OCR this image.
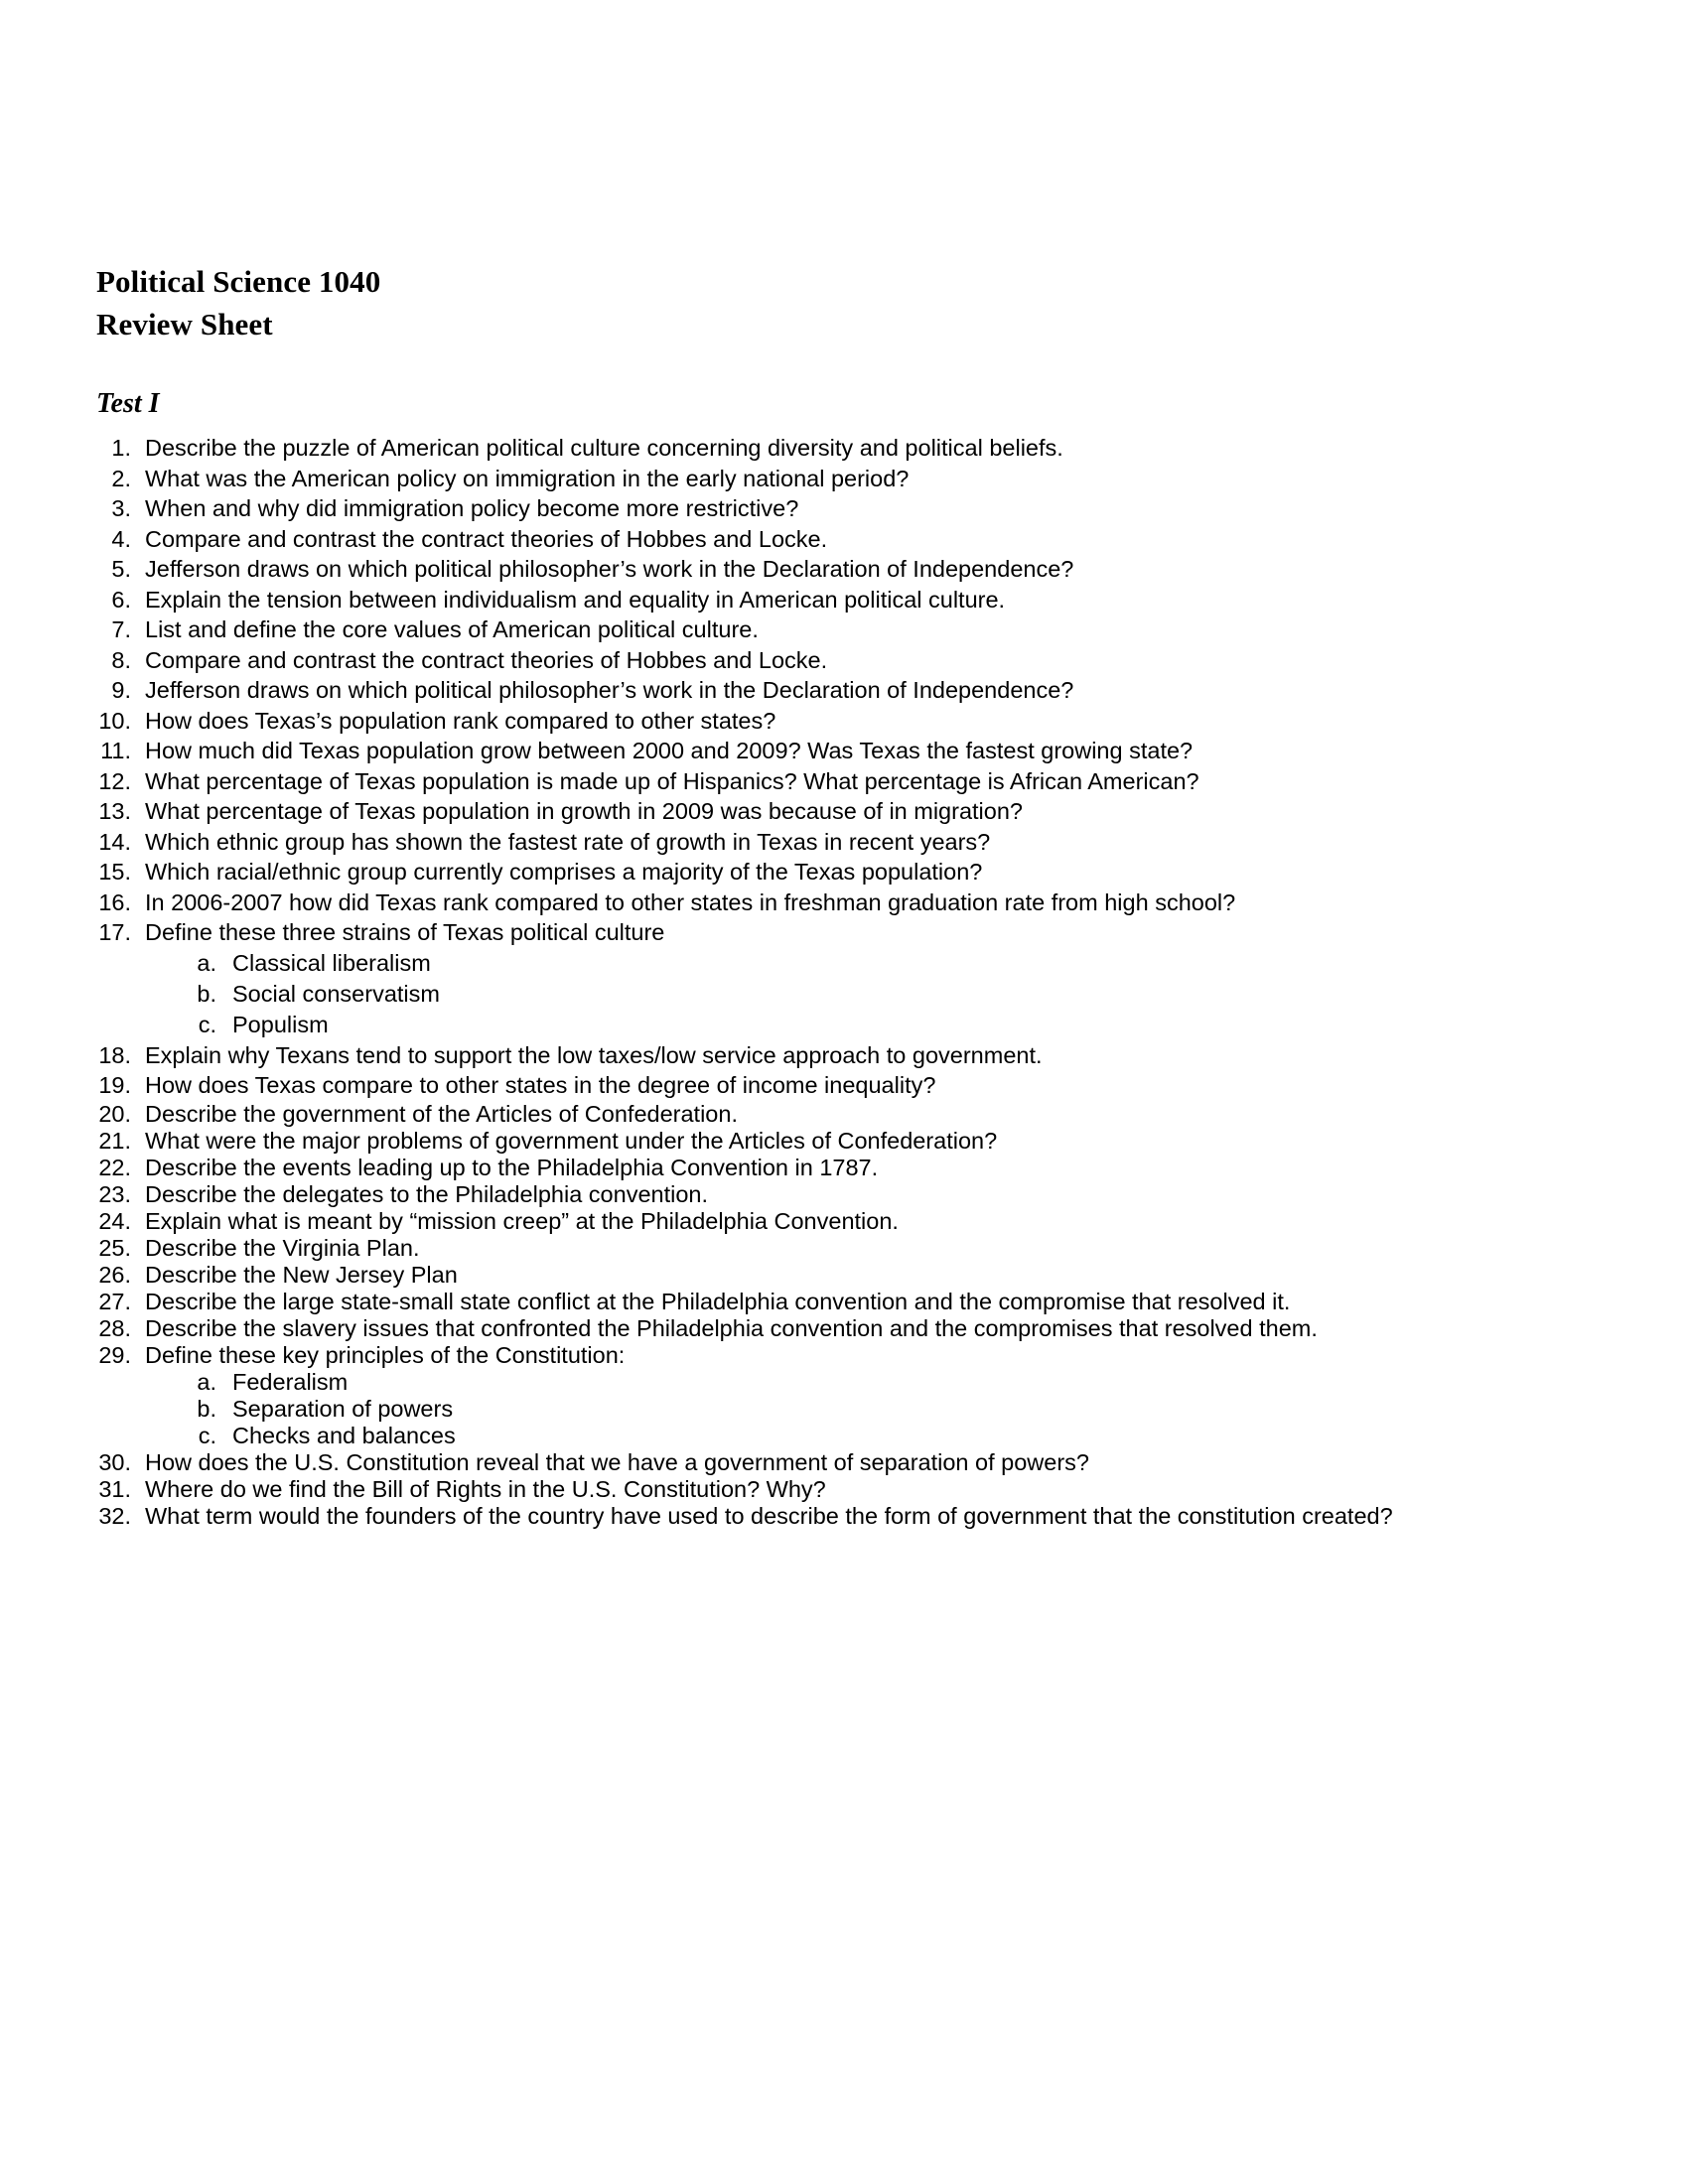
Political Science 1040
Review Sheet
Test I
1. Describe the puzzle of American political culture concerning diversity and political beliefs.
2. What was the American policy on immigration in the early national period?
3. When and why did immigration policy become more restrictive?
4. Compare and contrast the contract theories of Hobbes and Locke.
5. Jefferson draws on which political philosopher’s work in the Declaration of Independence?
6. Explain the tension between individualism and equality in American political culture.
7. List and define the core values of American political culture.
8. Compare and contrast the contract theories of Hobbes and Locke.
9. Jefferson draws on which political philosopher’s work in the Declaration of Independence?
10. How does Texas’s population rank compared to other states?
11. How much did Texas population grow between 2000 and 2009? Was Texas the fastest growing state?
12. What percentage of Texas population is made up of Hispanics? What percentage is African American?
13. What percentage of Texas population in growth in 2009 was because of in migration?
14. Which ethnic group has shown the fastest rate of growth in Texas in recent years?
15. Which racial/ethnic group currently comprises a majority of the Texas population?
16. In 2006-2007 how did Texas rank compared to other states in freshman graduation rate from high school?
17. Define these three strains of Texas political culture
a. Classical liberalism
b. Social conservatism
c. Populism
18. Explain why Texans tend to support the low taxes/low service approach to government.
19. How does Texas compare to other states in the degree of income inequality?
20. Describe the government of the Articles of Confederation.
21. What were the major problems of government under the Articles of Confederation?
22. Describe the events leading up to the Philadelphia Convention in 1787.
23. Describe the delegates to the Philadelphia convention.
24. Explain what is meant by “mission creep” at the Philadelphia Convention.
25. Describe the Virginia Plan.
26. Describe the New Jersey Plan
27. Describe the large state-small state conflict at the Philadelphia convention and the compromise that resolved it.
28. Describe the slavery issues that confronted the Philadelphia convention and the compromises that resolved them.
29. Define these key principles of the Constitution:
a. Federalism
b. Separation of powers
c. Checks and balances
30. How does the U.S. Constitution reveal that we have a government of separation of powers?
31. Where do we find the Bill of Rights in the U.S. Constitution? Why?
32. What term would the founders of the country have used to describe the form of government that the constitution created?
